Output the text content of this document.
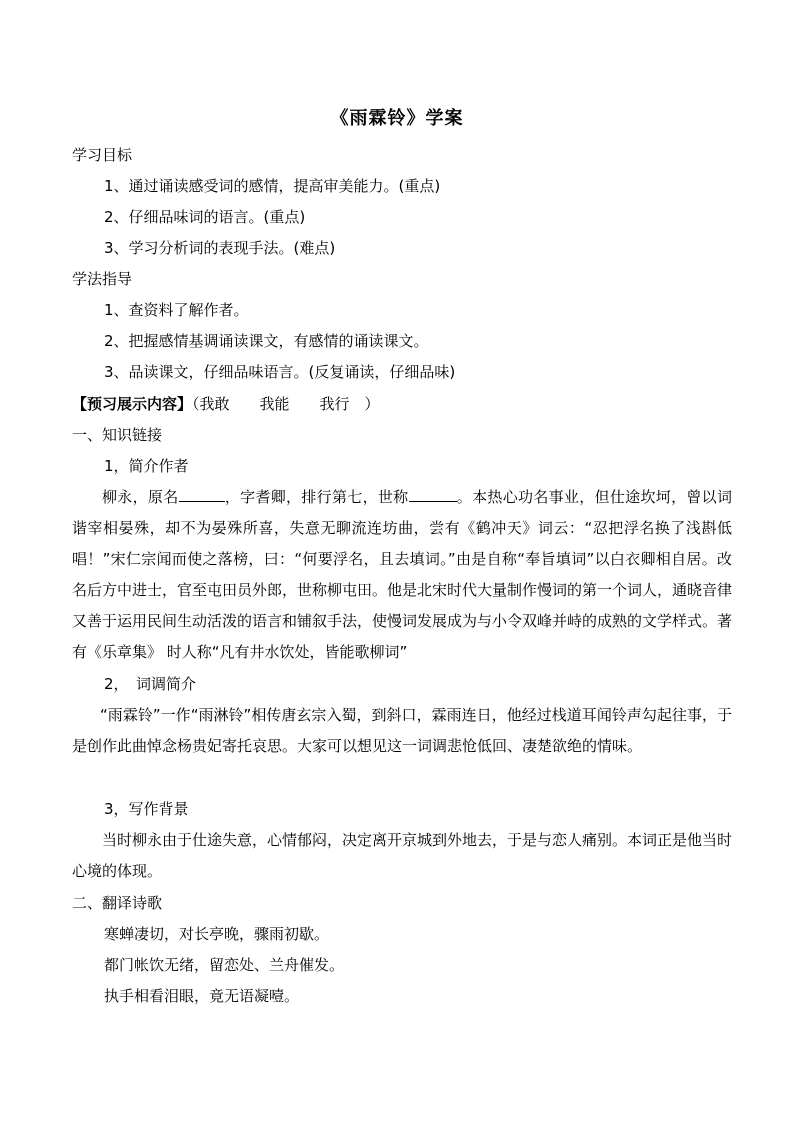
《雨霖铃》学案
学习目标
1、通过诵读感受词的感情，提高审美能力。(重点)
2、仔细品味词的语言。(重点)
3、学习分析词的表现手法。(难点)
学法指导
1、查资料了解作者。
2、把握感情基调诵读课文，有感情的诵读课文。
3、品读课文，仔细品味语言。(反复诵读，仔细品味)
【预习展示内容】（我敢　　我能　　我行　）
一、知识链接
1，简介作者
柳永，原名	，字耆卿，排行第七，世称	。本热心功名事业，但仕途坎坷，曾以词谐宰相晏殊，却不为晏殊所喜，失意无聊流连坊曲，尝有《鹤冲天》词云：“忍把浮名换了浅斟低唱！”宋仁宗闻而使之落榜，曰：“何要浮名，且去填词。”由是自称“奉旨填词”以白衣卿相自居。改名后方中进士，官至屯田员外郎，世称柳屯田。他是北宋时代大量制作慢词的第一个词人，通晓音律又善于运用民间生动活泼的语言和铺叙手法，使慢词发展成为与小令双峰并峙的成熟的文学样式。著有《乐章集》 时人称“凡有井水饮处，皆能歌柳词”
2，　词调简介
“雨霖铃”一作“雨淋铃”相传唐玄宗入蜀，到斜口，霖雨连日，他经过栈道耳闻铃声勾起往事，于是创作此曲悼念杨贵妃寄托哀思。大家可以想见这一词调悲怆低回、凄楚欲绝的情味。
3，写作背景
当时柳永由于仕途失意，心情郁闷，决定离开京城到外地去，于是与恋人痛别。本词正是他当时心境的体现。
二、翻译诗歌
寒蝉凄切，对长亭晚，骤雨初歇。
都门帐饮无绪，留恋处、兰舟催发。
执手相看泪眼，竟无语凝噎。
